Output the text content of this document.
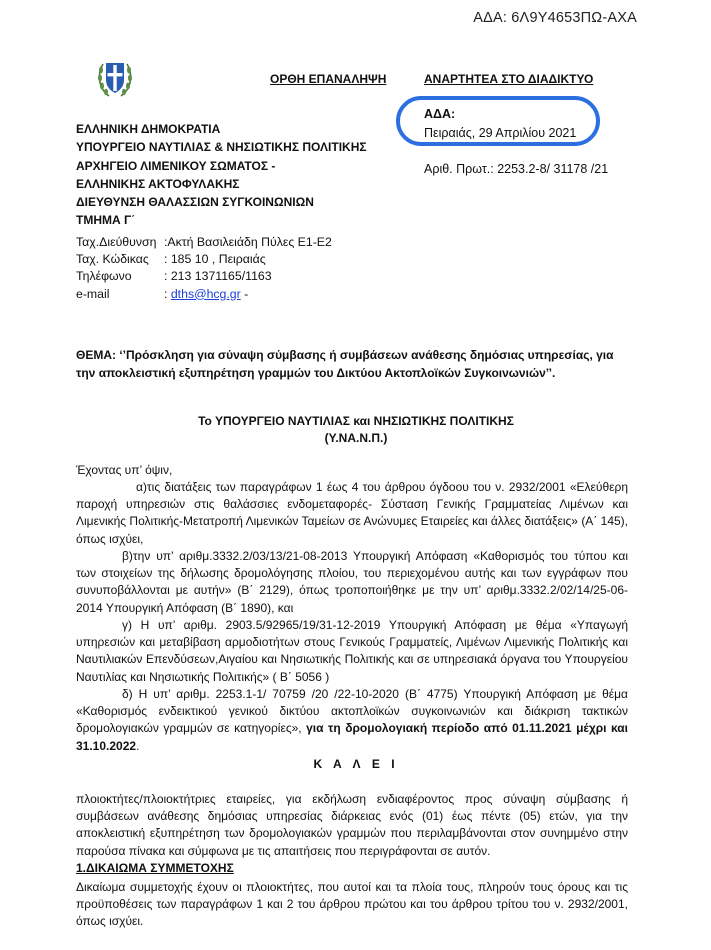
ΑΔΑ: 6Λ9Υ4653ΠΩ-ΑΧΑ
ΟΡΘΗ ΕΠΑΝΑΛΗΨΗ	ΑΝΑΡΤΗΤΕΑ ΣΤΟ ΔΙΑΔΙΚΤΥΟ
ΕΛΛΗΝΙΚΗ ΔΗΜΟΚΡΑΤΙΑ
ΥΠΟΥΡΓΕΙΟ ΝΑΥΤΙΛΙΑΣ & ΝΗΣΙΩΤΙΚΗΣ ΠΟΛΙΤΙΚΗΣ
ΑΡΧΗΓΕΙΟ ΛΙΜΕΝΙΚΟΥ ΣΩΜΑΤΟΣ -
ΕΛΛΗΝΙΚΗΣ ΑΚΤΟΦΥΛΑΚΗΣ
ΔΙΕΥΘΥΝΣΗ ΘΑΛΑΣΣΙΩΝ ΣΥΓΚΟΙΝΩΝΙΩΝ
ΤΜΗΜΑ Γ΄
ΑΔΑ:
Πειραιάς, 29 Απριλίου 2021
Αριθ. Πρωτ.: 2253.2-8/ 31178 /21
Ταχ.Διεύθυνση :Ακτή Βασιλειάδη Πύλες Ε1-Ε2
Ταχ. Κώδικας	: 185 10 , Πειραιάς
Τηλέφωνο	: 213 1371165/1163
e-mail	: dths@hcg.gr -
ΘΕΜΑ: ‘’Πρόσκληση για σύναψη σύμβασης ή συμβάσεων ανάθεσης δημόσιας υπηρεσίας, για την αποκλειστική εξυπηρέτηση γραμμών του Δικτύου Ακτοπλοϊκών Συγκοινωνιών’’.
Το ΥΠΟΥΡΓΕΙΟ ΝΑΥΤΙΛΙΑΣ και ΝΗΣΙΩΤΙΚΗΣ ΠΟΛΙΤΙΚΗΣ
(Υ.ΝΑ.Ν.Π.)
Έχοντας υπ’ όψιν,
α)τις διατάξεις των παραγράφων 1 έως 4 του άρθρου όγδοου του ν. 2932/2001 «Ελεύθερη παροχή υπηρεσιών στις θαλάσσιες ενδομεταφορές- Σύσταση Γενικής Γραμματείας Λιμένων και Λιμενικής Πολιτικής-Μετατροπή Λιμενικών Ταμείων σε Ανώνυμες Εταιρείες και άλλες διατάξεις» (Α΄ 145), όπως ισχύει,
β)την υπ’ αριθμ.3332.2/03/13/21-08-2013 Υπουργική Απόφαση «Καθορισμός του τύπου και των στοιχείων της δήλωσης δρομολόγησης πλοίου, του περιεχομένου αυτής και των εγγράφων που συνυποβάλλονται με αυτήν» (Β΄ 2129), όπως τροποποιήθηκε με την υπ’ αριθμ.3332.2/02/14/25-06-2014 Υπουργική Απόφαση (Β΄ 1890), και
γ) Η υπ’ αριθμ. 2903.5/92965/19/31-12-2019 Υπουργική Απόφαση με θέμα «Υπαγωγή υπηρεσιών και μεταβίβαση αρμοδιοτήτων στους Γενικούς Γραμματείς, Λιμένων Λιμενικής Πολιτικής και Ναυτιλιακών Επενδύσεων,Αιγαίου και Νησιωτικής Πολιτικής και σε υπηρεσιακά όργανα του Υπουργείου Ναυτιλίας και Νησιωτικής Πολιτικής» ( Β΄ 5056 )
δ) Η υπ’ αριθμ. 2253.1-1/ 70759 /20 /22-10-2020 (Β΄ 4775) Υπουργική Απόφαση με θέμα «Καθορισμός ενδεικτικού γενικού δικτύου ακτοπλοϊκών συγκοινωνιών και διάκριση τακτικών δρομολογιακών γραμμών σε κατηγορίες», για τη δρομολογιακή περίοδο από 01.11.2021 μέχρι και 31.10.2022.
Κ Α Λ Ε Ι
πλοιοκτήτες/πλοιοκτήτριες εταιρείες, για εκδήλωση ενδιαφέροντος προς σύναψη σύμβασης ή συμβάσεων ανάθεσης δημόσιας υπηρεσίας διάρκειας ενός (01) έως πέντε (05) ετών, για την αποκλειστική εξυπηρέτηση των δρομολογιακών γραμμών που περιλαμβάνονται στον συνημμένο στην παρούσα πίνακα και σύμφωνα με τις απαιτήσεις που περιγράφονται σε αυτόν.
1.ΔΙΚΑΙΩΜΑ ΣΥΜΜΕΤΟΧΗΣ
Δικαίωμα συμμετοχής έχουν οι πλοιοκτήτες, που αυτοί και τα πλοία τους, πληρούν τους όρους και τις προϋποθέσεις των παραγράφων 1 και 2 του άρθρου πρώτου και του άρθρου τρίτου του ν. 2932/2001, όπως ισχύει.
